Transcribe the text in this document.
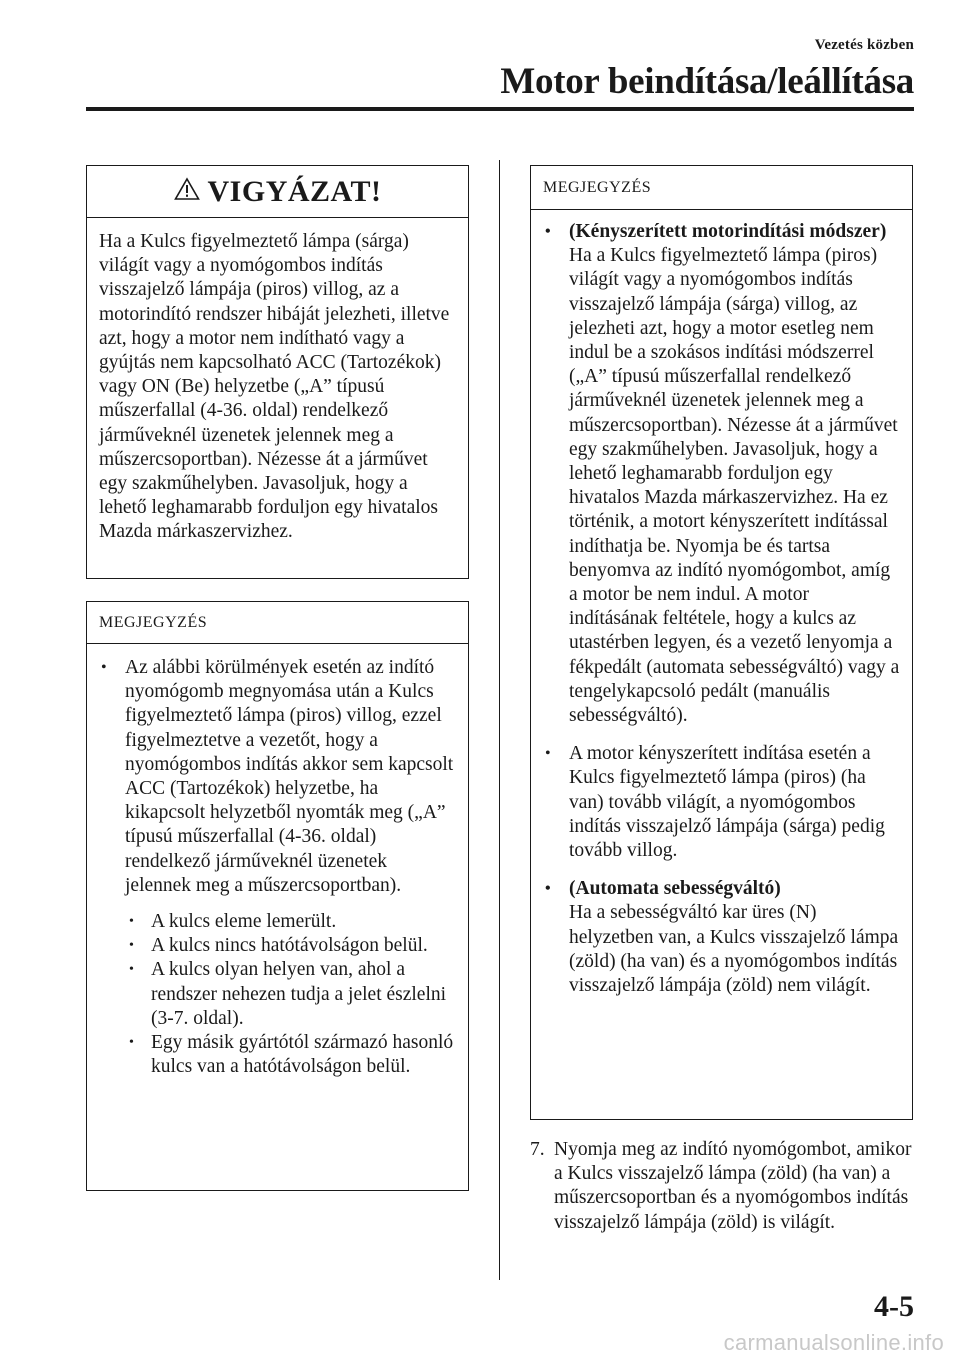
Vezetés közben
Motor beindítása/leállítása
VIGYÁZAT!
Ha a Kulcs figyelmeztető lámpa (sárga) világít vagy a nyomógombos indítás visszajelző lámpája (piros) villog, az a motorindító rendszer hibáját jelezheti, illetve azt, hogy a motor nem indítható vagy a gyújtás nem kapcsolható ACC (Tartozékok) vagy ON (Be) helyzetbe („A” típusú műszerfallal (4-36. oldal) rendelkező járműveknél üzenetek jelennek meg a műszercsoportban). Nézesse át a járművet egy szakműhelyben. Javasoljuk, hogy a lehető leghamarabb forduljon egy hivatalos Mazda márkaszervizhez.
MEGJEGYZÉS
• Az alábbi körülmények esetén az indító nyomógomb megnyomása után a Kulcs figyelmeztető lámpa (piros) villog, ezzel figyelmeztetve a vezetőt, hogy a nyomógombos indítás akkor sem kapcsolt ACC (Tartozékok) helyzetbe, ha kikapcsolt helyzetből nyomták meg („A” típusú műszerfallal (4-36. oldal) rendelkező járműveknél üzenetek jelennek meg a műszercsoportban).
• A kulcs eleme lemerült.
• A kulcs nincs hatótávolságon belül.
• A kulcs olyan helyen van, ahol a rendszer nehezen tudja a jelet észlelni (3-7. oldal).
• Egy másik gyártótól származó hasonló kulcs van a hatótávolságon belül.
MEGJEGYZÉS
• (Kényszerített motorindítási módszer)
Ha a Kulcs figyelmeztető lámpa (piros) világít vagy a nyomógombos indítás visszajelző lámpája (sárga) villog, az jelezheti azt, hogy a motor esetleg nem indul be a szokásos indítási módszerrel („A” típusú műszerfallal rendelkező járműveknél üzenetek jelennek meg a műszercsoportban). Nézesse át a járművet egy szakműhelyben. Javasoljuk, hogy a lehető leghamarabb forduljon egy hivatalos Mazda márkaszervizhez. Ha ez történik, a motort kényszerített indítással indíthatja be. Nyomja be és tartsa benyomva az indító nyomógombot, amíg a motor be nem indul. A motor indításának feltétele, hogy a kulcs az utastérben legyen, és a vezető lenyomja a fékpedált (automata sebességváltó) vagy a tengelykapcsoló pedált (manuális sebességváltó).
• A motor kényszerített indítása esetén a Kulcs figyelmeztető lámpa (piros) (ha van) tovább világít, a nyomógombos indítás visszajelző lámpája (sárga) pedig tovább villog.
• (Automata sebességváltó)
Ha a sebességváltó kar üres (N) helyzetben van, a Kulcs visszajelző lámpa (zöld) (ha van) és a nyomógombos indítás visszajelző lámpája (zöld) nem világít.
7. Nyomja meg az indító nyomógombot, amikor a Kulcs visszajelző lámpa (zöld) (ha van) a műszercsoportban és a nyomógombos indítás visszajelző lámpája (zöld) is világít.
4-5
carmanualsonline.info
